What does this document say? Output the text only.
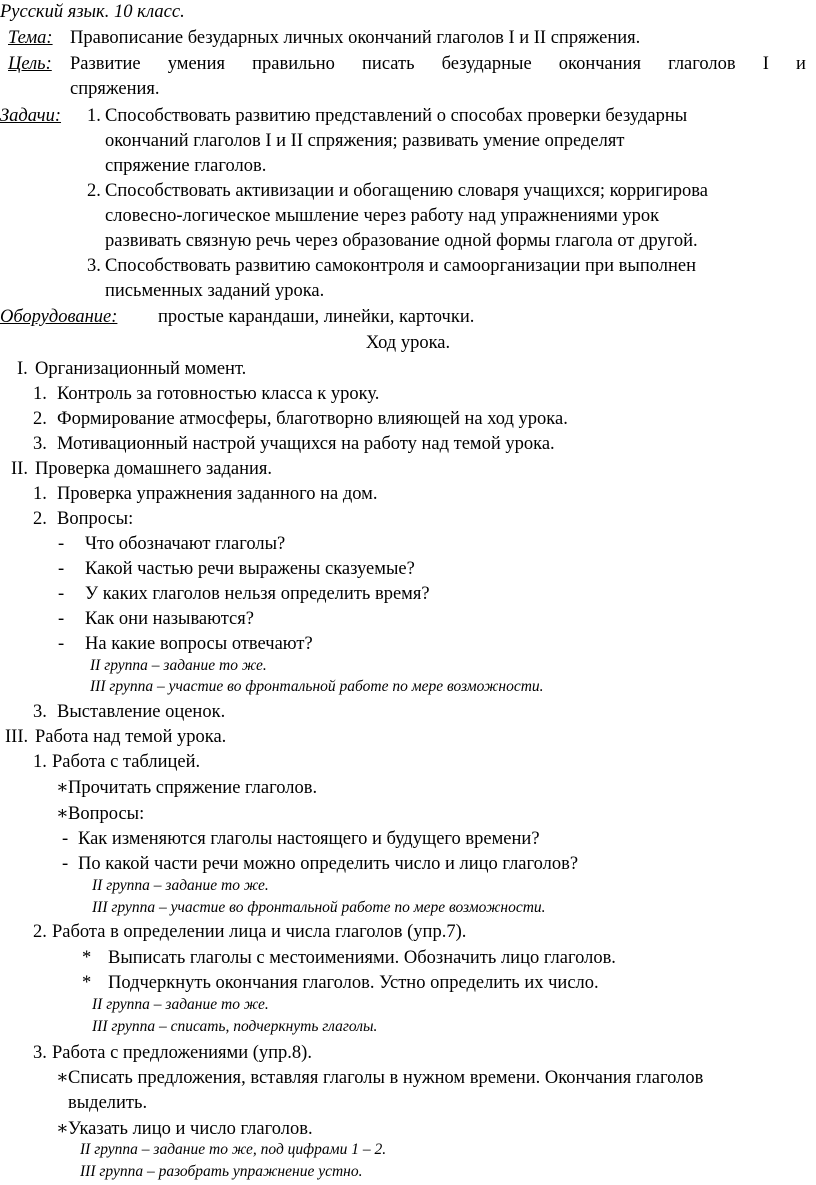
Русский язык. 10 класс.
Тема: Правописание безударных личных окончаний глаголов I и II спряжения.
Цель: Развитие умения правильно писать безударные окончания глаголов I и
спряжения.
Задачи: 1. Способствовать развитию представлений о способах проверки безударны
окончаний глаголов I и II спряжения; развивать умение определят
спряжение глаголов.
2. Способствовать активизации и обогащению словаря учащихся; корригирова
словесно-логическое мышление через работу над упражнениями урок
развивать связную речь через образование одной формы глагола от другой.
3. Способствовать развитию самоконтроля и самоорганизации при выполнен
письменных заданий урока.
Оборудование: простые карандаши, линейки, карточки.
Ход урока.
I. Организационный момент.
1. Контроль за готовностью класса к уроку.
2. Формирование атмосферы, благотворно влияющей на ход урока.
3. Мотивационный настрой учащихся на работу над темой урока.
II. Проверка домашнего задания.
1. Проверка упражнения заданного на дом.
2. Вопросы:
- Что обозначают глаголы?
- Какой частью речи выражены сказуемые?
- У каких глаголов нельзя определить время?
- Как они называются?
- На какие вопросы отвечают?
II группа – задание то же.
III группа – участие во фронтальной работе по мере возможности.
3. Выставление оценок.
III. Работа над темой урока.
1. Работа с таблицей.
∗ Прочитать спряжение глаголов.
∗ Вопросы:
- Как изменяются глаголы настоящего и будущего времени?
- По какой части речи можно определить число и лицо глаголов?
II группа – задание то же.
III группа – участие во фронтальной работе по мере возможности.
2. Работа в определении лица и числа глаголов (упр.7).
* Выписать глаголы с местоимениями. Обозначить лицо глаголов.
* Подчеркнуть окончания глаголов. Устно определить их число.
II группа – задание то же.
III группа – списать, подчеркнуть глаголы.
3. Работа с предложениями (упр.8).
∗ Списать предложения, вставляя глаголы в нужном времени. Окончания глаголов
выделить.
∗ Указать лицо и число глаголов.
II группа – задание то же, под цифрами 1 – 2.
III группа – разобрать упражнение устно.
